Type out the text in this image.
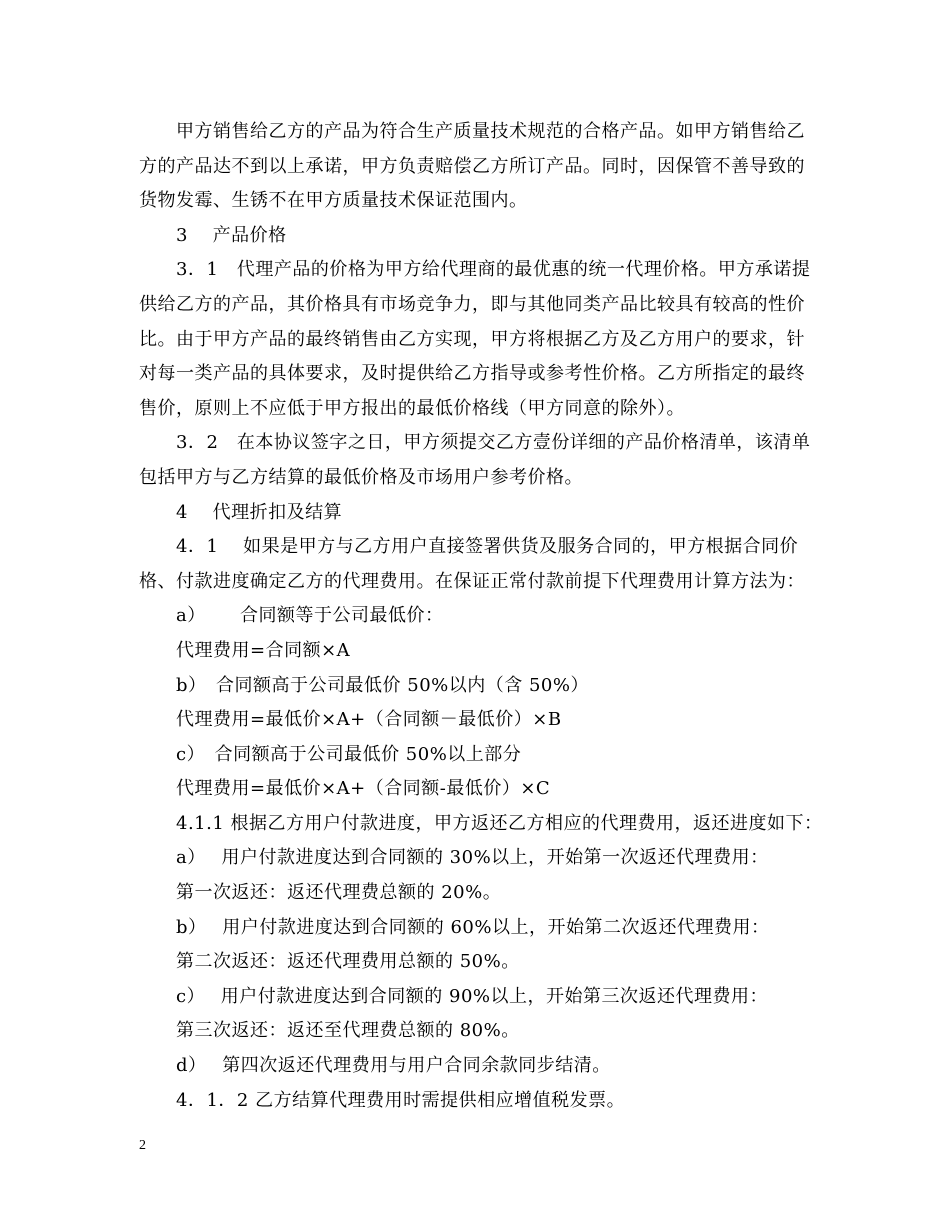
甲方销售给乙方的产品为符合生产质量技术规范的合格产品。如甲方销售给乙
方的产品达不到以上承诺，甲方负责赔偿乙方所订产品。同时，因保管不善导致的
货物发霉、生锈不在甲方质量技术保证范围内。
3　 产品价格
3．1　代理产品的价格为甲方给代理商的最优惠的统一代理价格。甲方承诺提
供给乙方的产品，其价格具有市场竞争力，即与其他同类产品比较具有较高的性价
比。由于甲方产品的最终销售由乙方实现，甲方将根据乙方及乙方用户的要求，针
对每一类产品的具体要求，及时提供给乙方指导或参考性价格。乙方所指定的最终
售价，原则上不应低于甲方报出的最低价格线（甲方同意的除外）。
3．2　在本协议签字之日，甲方须提交乙方壹份详细的产品价格清单，该清单
包括甲方与乙方结算的最低价格及市场用户参考价格。
4　 代理折扣及结算
4．1　 如果是甲方与乙方用户直接签署供货及服务合同的，甲方根据合同价
格、付款进度确定乙方的代理费用。在保证正常付款前提下代理费用计算方法为：
a）　　 合同额等于公司最低价：
代理费用=合同额×A
b）　合同额高于公司最低价 50%以内（含 50%）
代理费用=最低价×A+（合同额－最低价）×B
c）　合同额高于公司最低价 50%以上部分
代理费用=最低价×A+（合同额-最低价）×C
4.1.1 根据乙方用户付款进度，甲方返还乙方相应的代理费用，返还进度如下：
a）　 用户付款进度达到合同额的 30%以上，开始第一次返还代理费用：
第一次返还：返还代理费总额的 20%。
b）　 用户付款进度达到合同额的 60%以上，开始第二次返还代理费用：
第二次返还：返还代理费用总额的 50%。
c）　 用户付款进度达到合同额的 90%以上，开始第三次返还代理费用：
第三次返还：返还至代理费总额的 80%。
d）　 第四次返还代理费用与用户合同余款同步结清。
4．1．2 乙方结算代理费用时需提供相应增值税发票。
2
